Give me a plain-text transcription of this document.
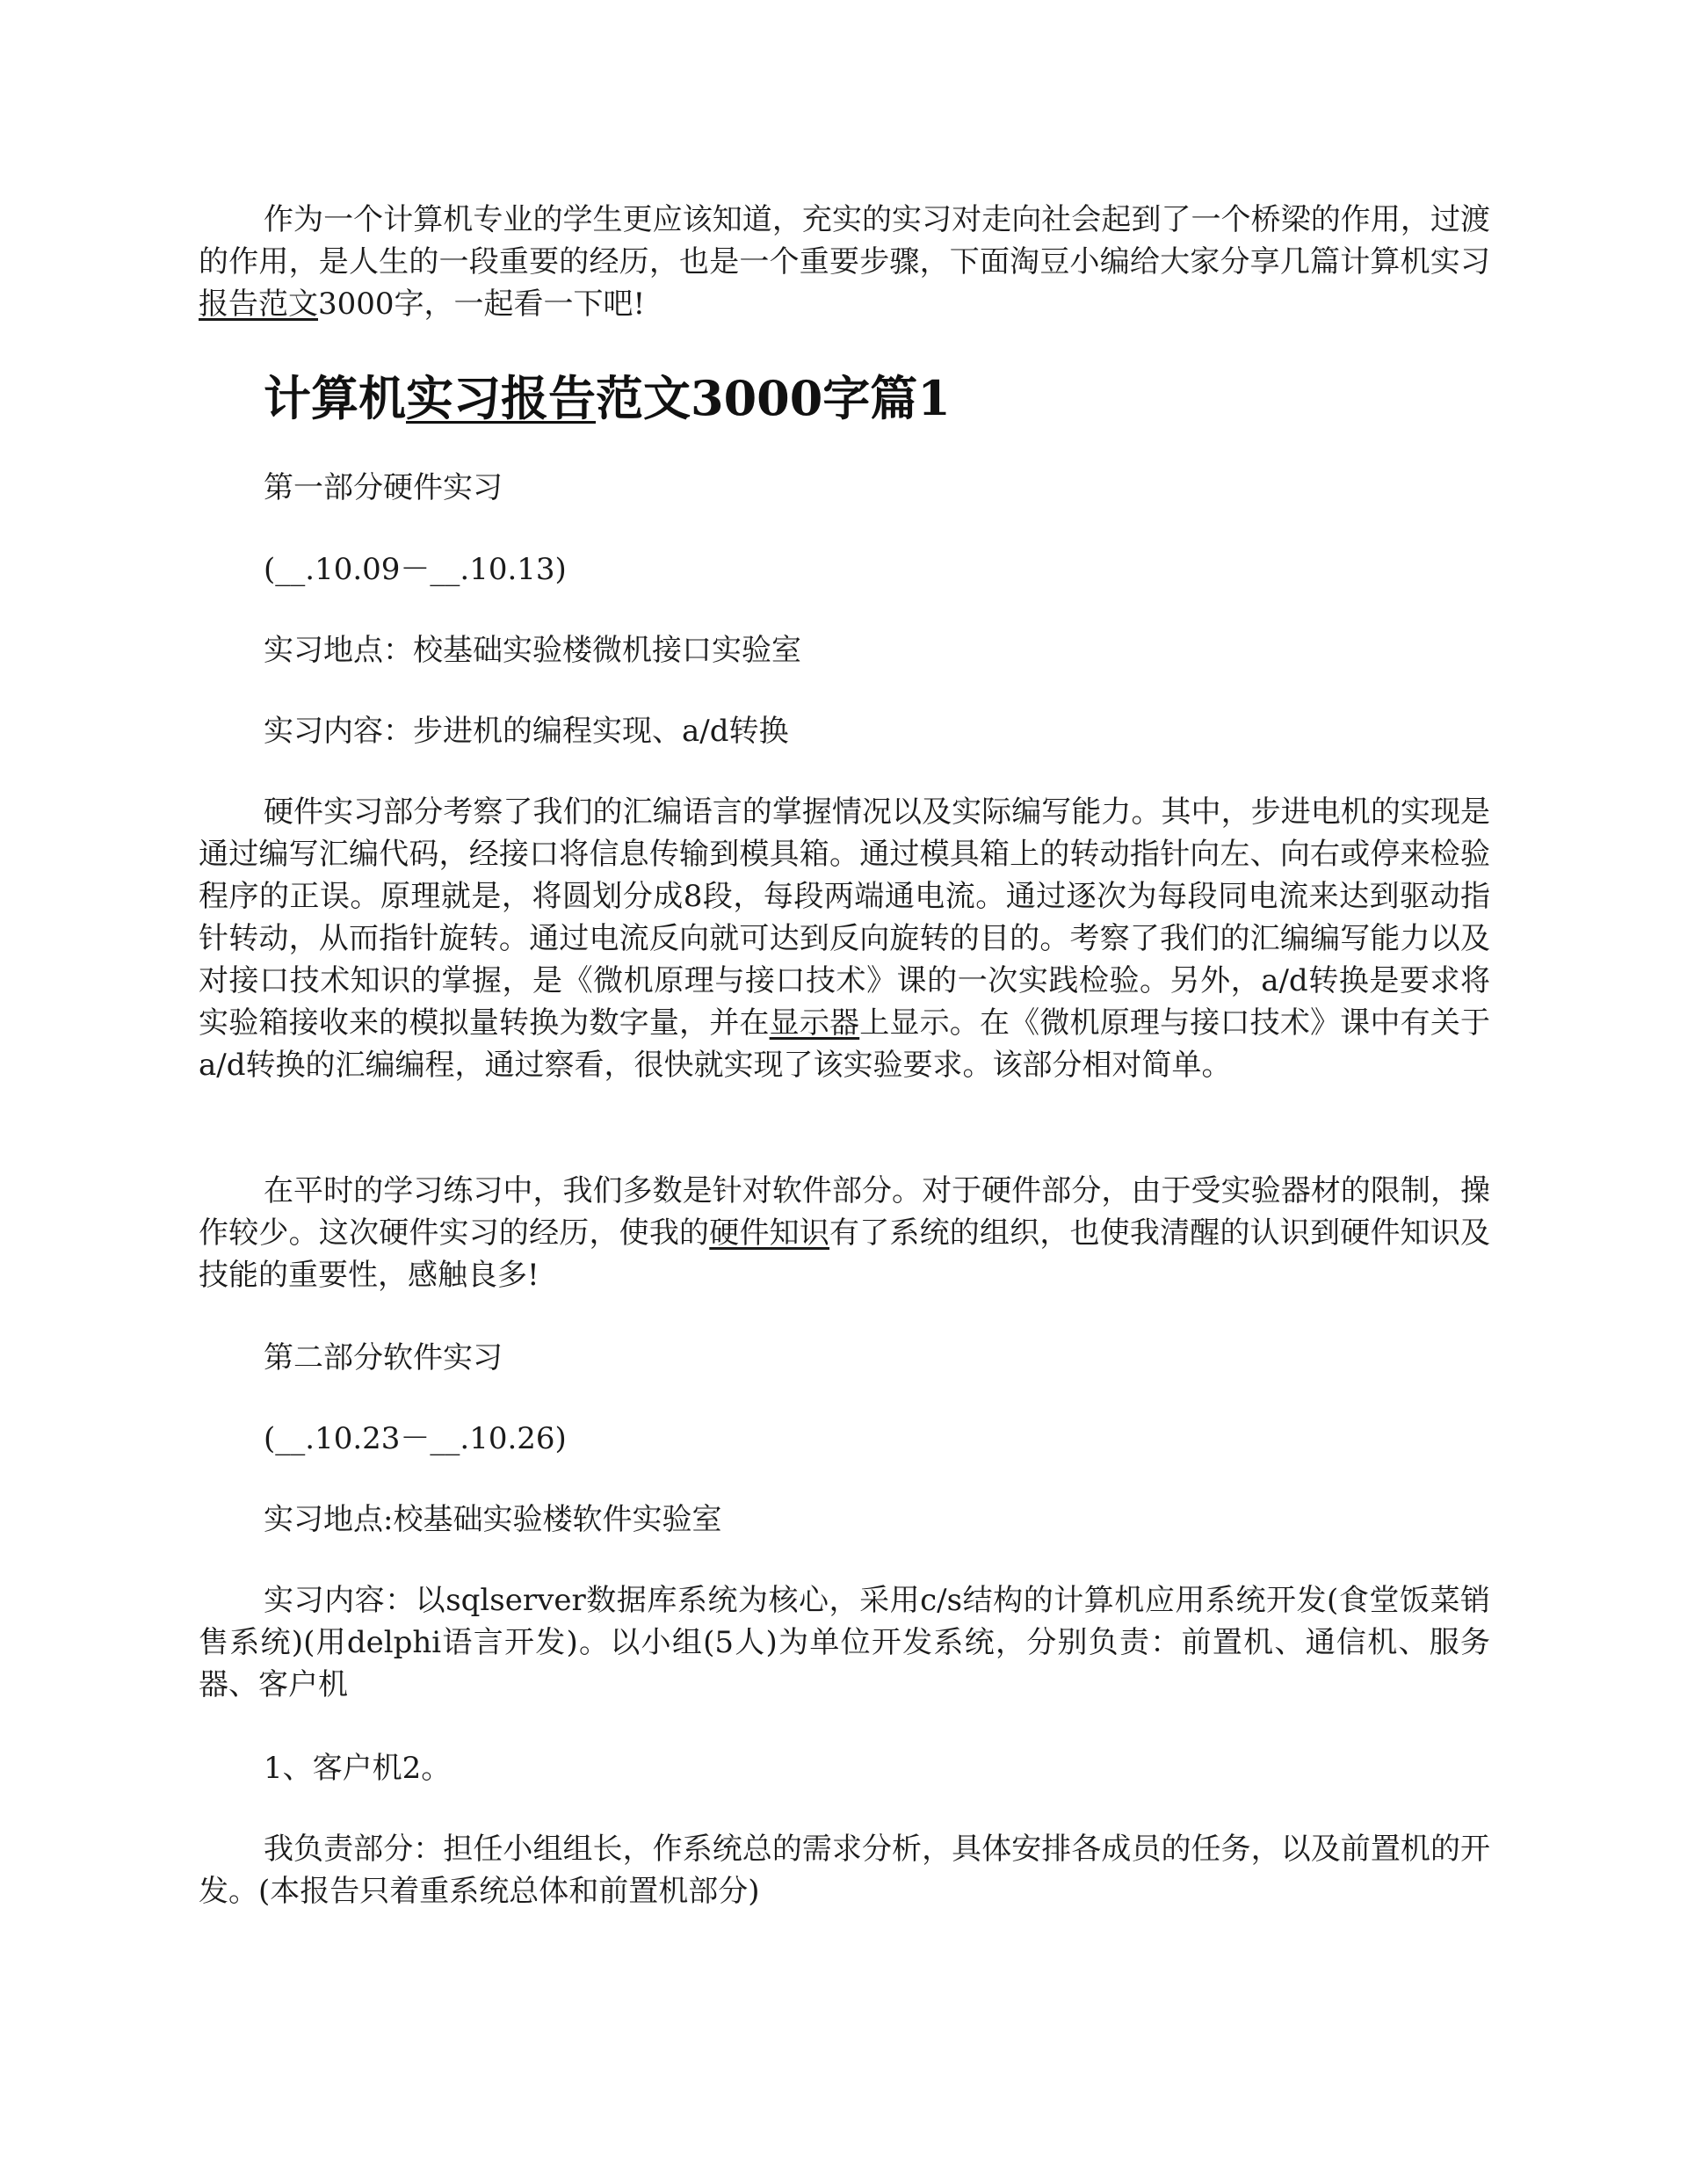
作为一个计算机专业的学生更应该知道，充实的实习对走向社会起到了一个桥梁的作用，过渡的作用，是人生的一段重要的经历，也是一个重要步骤，下面淘豆小编给大家分享几篇计算机实习报告范文3000字，一起看一下吧!

计算机实习报告范文3000字篇1

第一部分硬件实习

(__.10.09－__.10.13)

实习地点：校基础实验楼微机接口实验室

实习内容：步进机的编程实现、a/d转换

硬件实习部分考察了我们的汇编语言的掌握情况以及实际编写能力。其中，步进电机的实现是通过编写汇编代码，经接口将信息传输到模具箱。通过模具箱上的转动指针向左、向右或停来检验程序的正误。原理就是，将圆划分成8段，每段两端通电流。通过逐次为每段同电流来达到驱动指针转动，从而指针旋转。通过电流反向就可达到反向旋转的目的。考察了我们的汇编编写能力以及对接口技术知识的掌握，是《微机原理与接口技术》课的一次实践检验。另外，a/d转换是要求将实验箱接收来的模拟量转换为数字量，并在显示器上显示。在《微机原理与接口技术》课中有关于a/d转换的汇编编程，通过察看，很快就实现了该实验要求。该部分相对简单。

在平时的学习练习中，我们多数是针对软件部分。对于硬件部分，由于受实验器材的限制，操作较少。这次硬件实习的经历，使我的硬件知识有了系统的组织，也使我清醒的认识到硬件知识及技能的重要性，感触良多!

第二部分软件实习

(__.10.23－__.10.26)

实习地点:校基础实验楼软件实验室

实习内容：以sqlserver数据库系统为核心，采用c/s结构的计算机应用系统开发(食堂饭菜销售系统)(用delphi语言开发)。以小组(5人)为单位开发系统，分别负责：前置机、通信机、服务器、客户机

1、客户机2。

我负责部分：担任小组组长，作系统总的需求分析，具体安排各成员的任务，以及前置机的开发。(本报告只着重系统总体和前置机部分)
